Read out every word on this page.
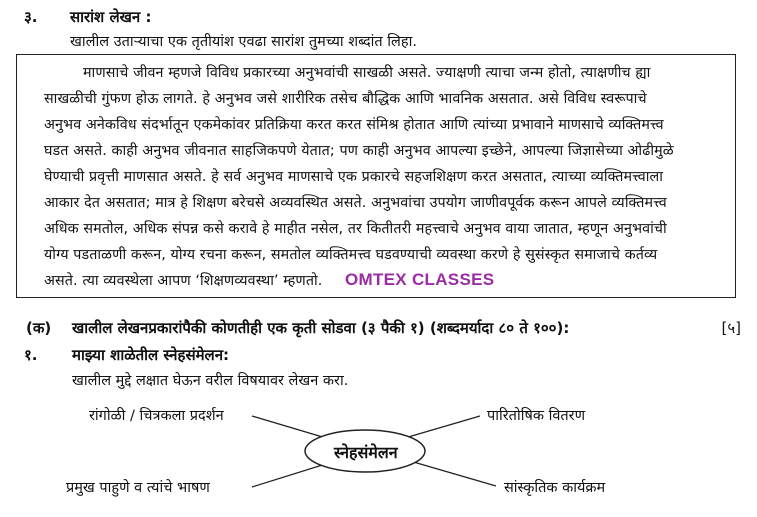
३. सारांश लेखन :
खालील उताऱ्याचा एक तृतीयांश एवढा सारांश तुमच्या शब्दांत लिहा.
माणसाचे जीवन म्हणजे विविध प्रकारच्या अनुभवांची साखळी असते. ज्याक्षणी त्याचा जन्म होतो, त्याक्षणीच ह्या
साखळीची गुंफण होऊ लागते. हे अनुभव जसे शारीरिक तसेच बौद्धिक आणि भावनिक असतात. असे विविध स्वरूपाचे
अनुभव अनेकविध संदर्भातून एकमेकांवर प्रतिक्रिया करत करत संमिश्र होतात आणि त्यांच्या प्रभावाने माणसाचे व्यक्तिमत्त्व
घडत असते. काही अनुभव जीवनात साहजिकपणे येतात; पण काही अनुभव आपल्या इच्छेने, आपल्या जिज्ञासेच्या ओढीमुळे
घेण्याची प्रवृत्ती माणसात असते. हे सर्व अनुभव माणसाचे एक प्रकारचे सहजशिक्षण करत असतात, त्याच्या व्यक्तिमत्त्वाला
आकार देत असतात; मात्र हे शिक्षण बरेचसे अव्यवस्थित असते. अनुभवांचा उपयोग जाणीवपूर्वक करून आपले व्यक्तिमत्त्व
अधिक समतोल, अधिक संपन्न कसे करावे हे माहीत नसेल, तर कितीतरी महत्त्वाचे अनुभव वाया जातात, म्हणून अनुभवांची
योग्य पडताळणी करून, योग्य रचना करून, समतोल व्यक्तिमत्त्व घडवण्याची व्यवस्था करणे हे सुसंस्कृत समाजाचे कर्तव्य
असते. त्या व्यवस्थेला आपण ‘शिक्षणव्यवस्था’ म्हणतो. OMTEX CLASSES
(क) खालील लेखनप्रकारांपैकी कोणतीही एक कृती सोडवा (३ पैकी १) (शब्दमर्यादा ८० ते १००):	[५]
१. माझ्या शाळेतील स्नेहसंमेलन:
खालील मुद्दे लक्षात घेऊन वरील विषयावर लेखन करा.
स्नेहसंमेलन
रांगोळी / चित्रकला प्रदर्शन	पारितोषिक वितरण
प्रमुख पाहुणे व त्यांचे भाषण	सांस्कृतिक कार्यक्रम
